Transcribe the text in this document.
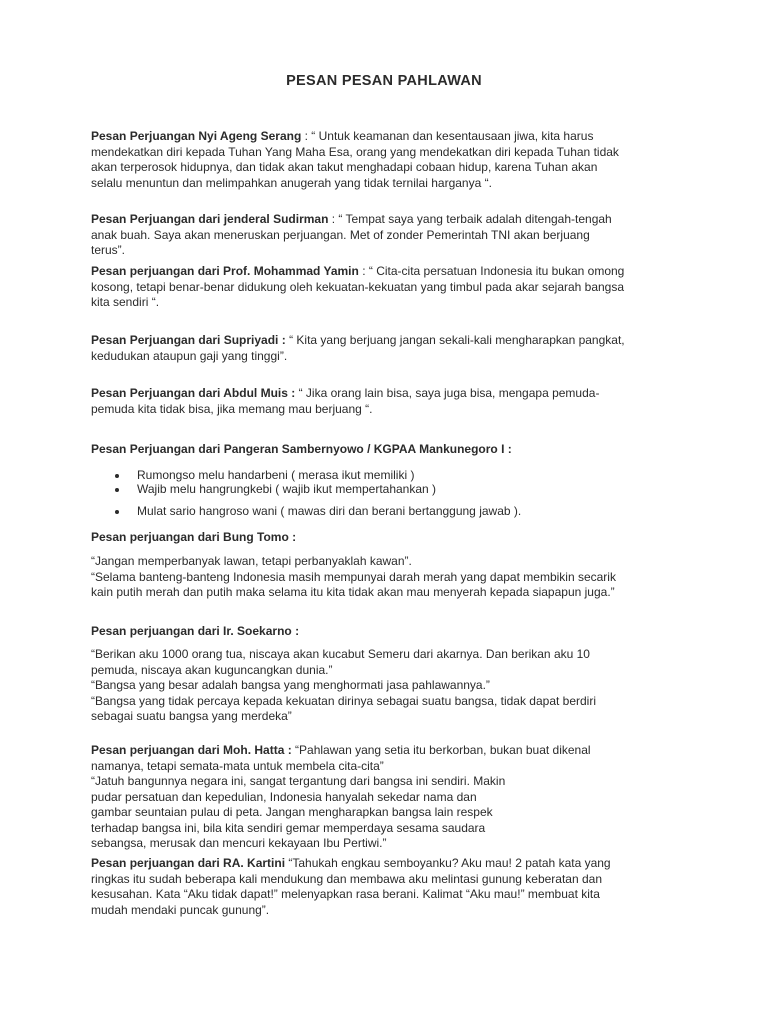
PESAN PESAN PAHLAWAN
Pesan Perjuangan Nyi Ageng Serang : “ Untuk keamanan dan kesentausaan jiwa, kita harus
mendekatkan diri kepada Tuhan Yang Maha Esa, orang yang mendekatkan diri kepada Tuhan tidak
akan terperosok hidupnya, dan tidak akan takut menghadapi cobaan hidup, karena Tuhan akan
selalu menuntun dan melimpahkan anugerah yang tidak ternilai harganya “.
Pesan Perjuangan dari jenderal Sudirman : “ Tempat saya yang terbaik adalah ditengah-tengah
anak buah. Saya akan meneruskan perjuangan. Met of zonder Pemerintah TNI akan berjuang
terus”.
Pesan perjuangan dari Prof. Mohammad Yamin : “ Cita-cita persatuan Indonesia itu bukan omong
kosong, tetapi benar-benar didukung oleh kekuatan-kekuatan yang timbul pada akar sejarah bangsa
kita sendiri “.
Pesan Perjuangan dari Supriyadi : “ Kita yang berjuang jangan sekali-kali mengharapkan pangkat,
kedudukan ataupun gaji yang tinggi”.
Pesan Perjuangan dari Abdul Muis : “ Jika orang lain bisa, saya juga bisa, mengapa pemuda-
pemuda kita tidak bisa, jika memang mau berjuang “.
Pesan Perjuangan dari Pangeran Sambernyowo / KGPAA Mankunegoro I :
Rumongso melu handarbeni ( merasa ikut memiliki )
Wajib melu hangrungkebi ( wajib ikut mempertahankan )
Mulat sario hangroso wani ( mawas diri dan berani bertanggung jawab ).
Pesan perjuangan dari Bung Tomo :
“Jangan memperbanyak lawan, tetapi perbanyaklah kawan”.
“Selama banteng-banteng Indonesia masih mempunyai darah merah yang dapat membikin secarik
kain putih merah dan putih maka selama itu kita tidak akan mau menyerah kepada siapapun juga.”
Pesan perjuangan dari Ir. Soekarno :
“Berikan aku 1000 orang tua, niscaya akan kucabut Semeru dari akarnya. Dan berikan aku 10
pemuda, niscaya akan kuguncangkan dunia.”
“Bangsa yang besar adalah bangsa yang menghormati jasa pahlawannya.”
“Bangsa yang tidak percaya kepada kekuatan dirinya sebagai suatu bangsa, tidak dapat berdiri
sebagai suatu bangsa yang merdeka”
Pesan perjuangan dari Moh. Hatta : “Pahlawan yang setia itu berkorban, bukan buat dikenal
namanya, tetapi semata-mata untuk membela cita-cita”
“Jatuh bangunnya negara ini, sangat tergantung dari bangsa ini sendiri. Makin
pudar persatuan dan kepedulian, Indonesia hanyalah sekedar nama dan
gambar seuntaian pulau di peta. Jangan mengharapkan bangsa lain respek
terhadap bangsa ini, bila kita sendiri gemar memperdaya sesama saudara
sebangsa, merusak dan mencuri kekayaan Ibu Pertiwi.”
Pesan perjuangan dari RA. Kartini “Tahukah engkau semboyanku? Aku mau! 2 patah kata yang
ringkas itu sudah beberapa kali mendukung dan membawa aku melintasi gunung keberatan dan
kesusahan. Kata “Aku tidak dapat!” melenyapkan rasa berani. Kalimat “Aku mau!” membuat kita
mudah mendaki puncak gunung”.
